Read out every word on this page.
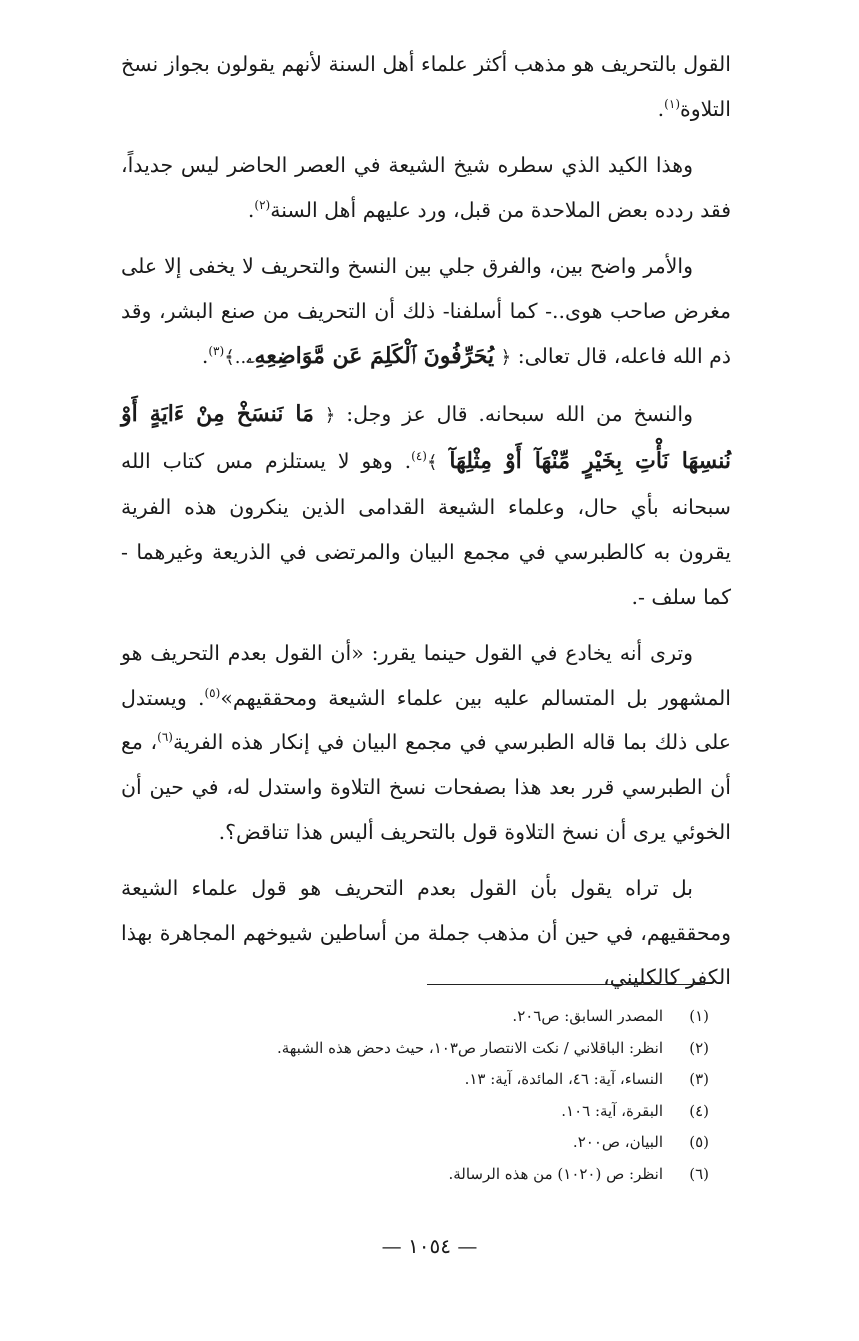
القول بالتحريف هو مذهب أكثر علماء أهل السنة لأنهم يقولون بجواز نسخ التلاوة$^{(١)}$.

وهذا الكيد الذي سطره شيخ الشيعة في العصر الحاضر ليس جديداً، فقد ردده بعض الملاحدة من قبل، ورد عليهم أهل السنة$^{(٢)}$.

والأمر واضح بين، والفرق جلي بين النسخ والتحريف لا يخفى إلا على مغرض صاحب هوى..- كما أسلفنا- ذلك أن التحريف من صنع البشر، وقد ذم الله فاعله، قال تعالى: ﴿ يُحَرِّفُونَ ٱلْكَلِمَ عَن مَّوَاضِعِهِۦ..﴾$^{(٣)}$.

والنسخ من الله سبحانه. قال عز وجل: ﴿ مَا نَنسَخْ مِنْ ءَايَةٍ أَوْ نُنسِهَا نَأْتِ بِخَيْرٍ مِّنْهَآ أَوْ مِثْلِهَآ ﴾$^{(٤)}$. وهو لا يستلزم مس كتاب الله سبحانه بأي حال، وعلماء الشيعة القدامى الذين ينكرون هذه الفرية يقرون به كالطبرسي في مجمع البيان والمرتضى في الذريعة وغيرهما - كما سلف -.

وترى أنه يخادع في القول حينما يقرر: «أن القول بعدم التحريف هو المشهور بل المتسالم عليه بين علماء الشيعة ومحققيهم»$^{(٥)}$. ويستدل على ذلك بما قاله الطبرسي في مجمع البيان في إنكار هذه الفرية$^{(٦)}$، مع أن الطبرسي قرر بعد هذا بصفحات نسخ التلاوة واستدل له، في حين أن الخوئي يرى أن نسخ التلاوة قول بالتحريف أليس هذا تناقض؟.

بل تراه يقول بأن القول بعدم التحريف هو قول علماء الشيعة ومحققيهم، في حين أن مذهب جملة من أساطين شيوخهم المجاهرة بهذا الكفر كالكليني،

(١)
المصدر السابق: ص٢٠٦.
(٢)
انظر: الباقلاني / نكت الانتصار ص١٠٣، حيث دحض هذه الشبهة.
(٣)
النساء، آية: ٤٦، المائدة، آية: ١٣.
(٤)
البقرة، آية: ١٠٦.
(٥)
البيان، ص٢٠٠.
(٦)
انظر: ص (١٠٢٠) من هذه الرسالة.
— ١٠٥٤ —
